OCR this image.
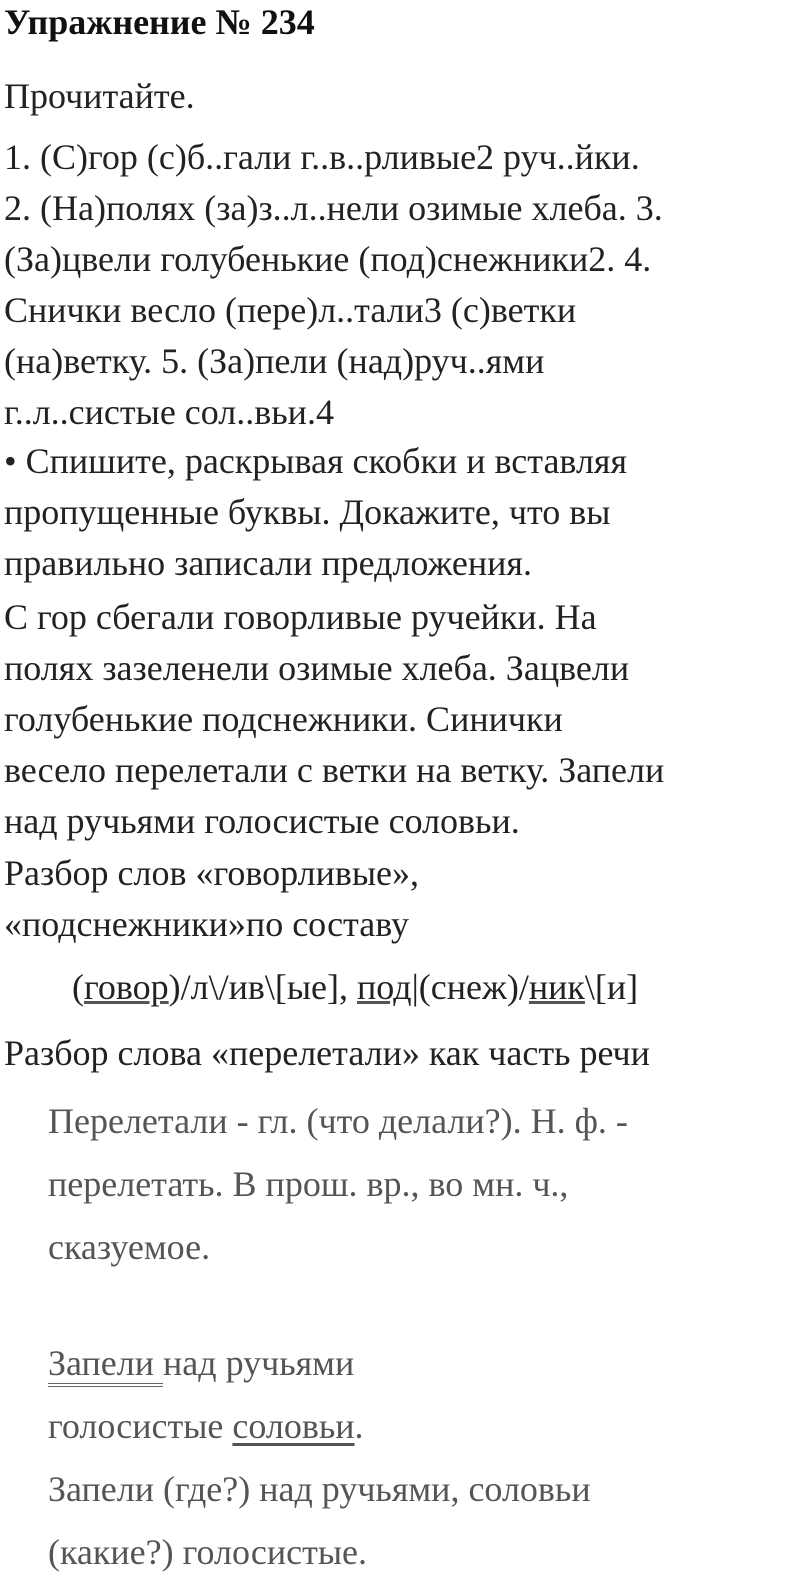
Упражнение № 234
Прочитайте.
1. (С)гор (с)б..гали г..в..рливые2 руч..йки.
2. (На)полях (за)з..л..нели озимые хлеба. 3.
(За)цвели голубенькие (под)снежники2. 4.
Снички весло (пере)л..тали3 (с)ветки
(на)ветку. 5. (За)пели (над)руч..ями
г..л..систые сол..вьи.4
• Спишите, раскрывая скобки и вставляя
пропущенные буквы. Докажите, что вы
правильно записали предложения.
С гор сбегали говорливые ручейки. На
полях зазеленели озимые хлеба. Зацвели
голубенькие подснежники. Синички
весело перелетали с ветки на ветку. Запели
над ручьями голосистые соловьи.
Разбор слов «говорливые»,
«подснежники»по составу
(говор)/л\/ив\[ые], под|(снеж)/ник\[и]
Разбор слова «перелетали» как часть речи
Перелетали - гл. (что делали?). Н. ф. -
перелетать. В прош. вр., во мн. ч.,
сказуемое.
Запели над ручьями
голосистые соловьи.
Запели (где?) над ручьями, соловьи
(какие?) голосистые.
